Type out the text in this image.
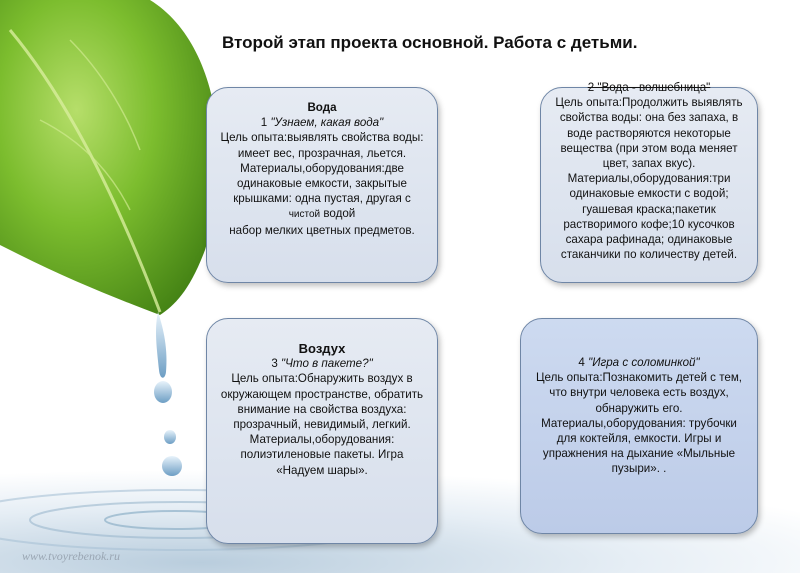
Второй этап проекта основной. Работа с детьми.
Вода
1 "Узнаем, какая вода"
Цель опыта:выявлять свойства воды: имеет вес, прозрачная, льется.
Материалы,оборудования:две одинаковые емкости, закрытые крышками: одна пустая, другая с чистой водой
набор мелких цветных предметов.
2 "Вода - волшебница"
Цель опыта:Продолжить выявлять свойства воды: она без запаха, в воде растворяются некоторые вещества (при этом вода меняет цвет, запах вкус).
Материалы,оборудования:три одинаковые емкости с водой; гуашевая краска;пакетик растворимого кофе;10 кусочков сахара рафинада; одинаковые стаканчики по количеству детей.
Воздух
3 "Что в пакете?"
Цель опыта:Обнаружить воздух в окружающем пространстве, обратить внимание на свойства воздуха: прозрачный, невидимый, легкий.
Материалы,оборудования: полиэтиленовые пакеты. Игра «Надуем шары».
4 "Игра с соломинкой"
Цель опыта:Познакомить детей с тем, что внутри человека есть воздух, обнаружить его.
Материалы,оборудования: трубочки для коктейля, емкости. Игры и упражнения на дыхание «Мыльные пузыри». .
www.tvoyrebenok.ru
